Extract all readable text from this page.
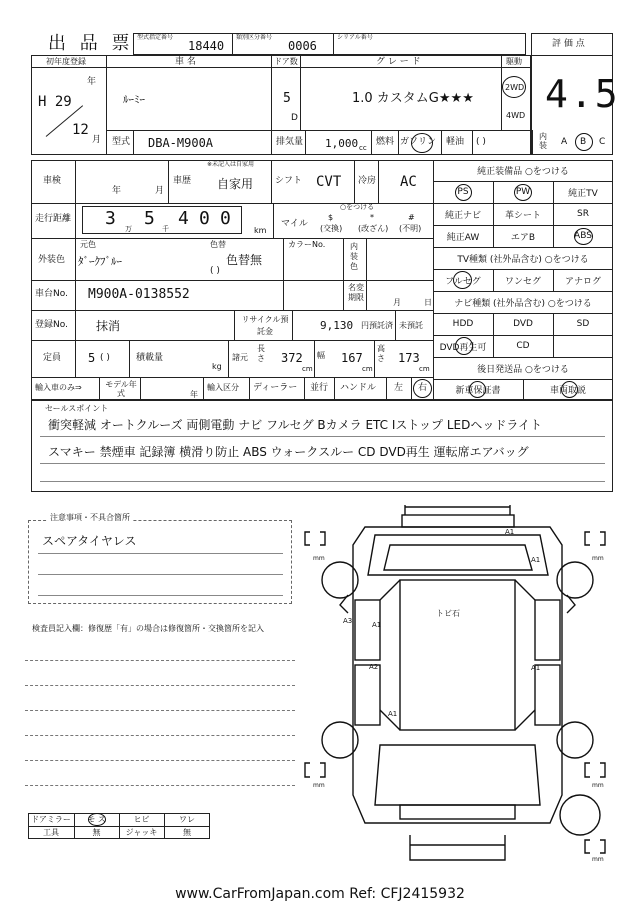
出 品 票 型式指定番号
18440
類別区分番号
0006
シリアル番号
評 価 点
4.5
初年度登録
年
H 29
12
月
車 名
ﾙｰﾐｰ
ドア数
5
D
グ レ ー ド
1.0 カスタムG★★★
駆動
2WD
4WD
型式 DBA-M900A	排気量 1,000 cc
燃料 ガソリン 軽油 ( )
内装 A B C
車検
年	月
車歴
※未記入は自家用
自家用 シフト CVT 冷房 AC
走行距離 3 万 5 千 4 0 0
km
マイル
○をつける
$
(交換)
*
(改ざん)
#
(不明)
外装色
元色
ﾀﾞｰｸﾌﾞﾙｰ
色替
色替無
( )
カラーNo.	内装色
車台No. M900A-0138552	名変期限
月	日
登録No. 抹消	リサイクル預託金	9,130 円預託済 未預託
定員 5 ( )	積載量
kg
諸元
長さ 372
cm
幅 167
cm
高さ 173
cm
輸入車のみ⇒	モデル年式	年
輸入区分 ディーラー 並行 ハンドル 左 右
純正装備品 ○をつける
PS	PW	純正TV
純正ナビ	革シート	SR
純正AW	エアB	ABS
TV種類 (社外品含む) ○をつける
フルセグ	ワンセグ	アナログ
ナビ種類 (社外品含む) ○をつける
HDD	DVD	SD
DVD再生可	CD
後日発送品 ○をつける
新車保証書	車両取説
セールスポイント
衝突軽減 オートクルーズ 両側電動 ナビ フルセグ Bカメラ ETC Iストップ LEDヘッドライト
スマキー 禁煙車 記録簿 横滑り防止 ABS ウォークスルー CD DVD再生 運転席エアバッグ
注意事項・不具合箇所
スペアタイヤレス
検査員記入欄：修復歴「有」の場合は修復箇所・交換箇所を記入
A1
A1
A3	A1
A2	A1
A1
トビ石
mm	mm
mm	mm
mm
ドアミラー	モ ス	ヒビ	ワレ
工具	無	ジャッキ	無
www.CarFromJapan.com Ref: CFJ2415932
